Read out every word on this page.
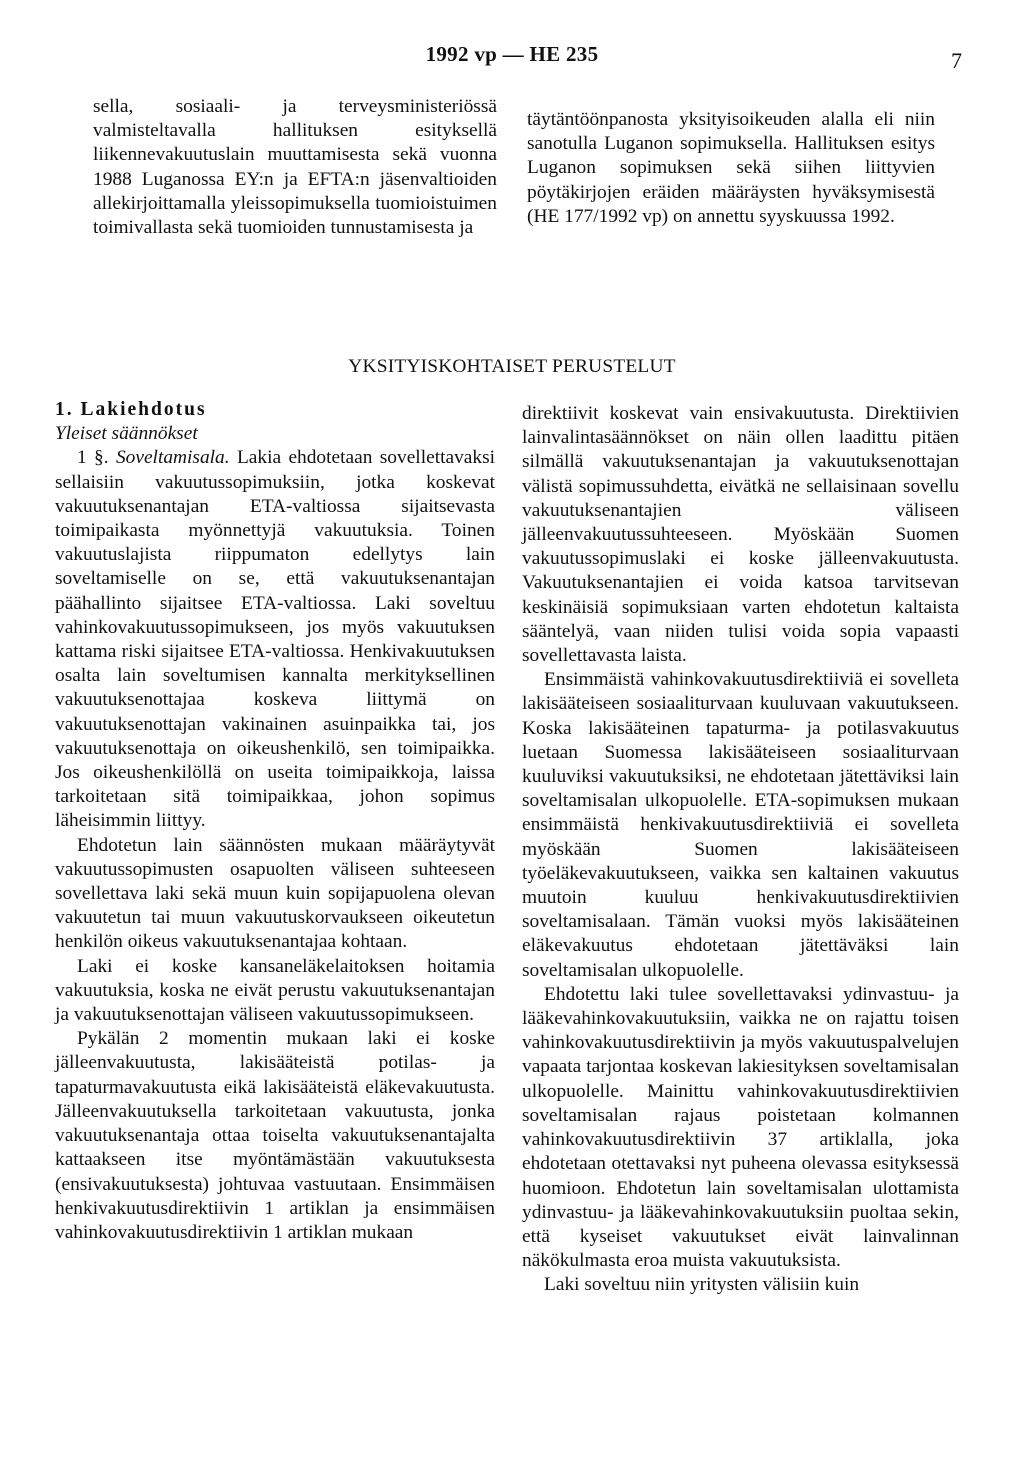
1992 vp — HE 235	7

sella, sosiaali- ja terveysministeriössä valmisteltavalla hallituksen esityksellä liikennevakuutuslain muuttamisesta sekä vuonna 1988 Luganossa EY:n ja EFTA:n jäsenvaltioiden allekirjoittamalla yleissopimuksella tuomioistuimen toimivallasta sekä tuomioiden tunnustamisesta ja

täytäntöönpanosta yksityisoikeuden alalla eli niin sanotulla Luganon sopimuksella. Hallituksen esitys Luganon sopimuksen sekä siihen liittyvien pöytäkirjojen eräiden määräysten hyväksymisestä (HE 177/1992 vp) on annettu syyskuussa 1992.

YKSITYISKOHTAISET PERUSTELUT

1. Lakiehdotus

Yleiset säännökset

1 §. Soveltamisala. Lakia ehdotetaan sovellettavaksi sellaisiin vakuutussopimuksiin, jotka koskevat vakuutuksenantajan ETA-valtiossa sijaitsevasta toimipaikasta myönnettyjä vakuutuksia. Toinen vakuutuslajista riippumaton edellytys lain soveltamiselle on se, että vakuutuksenantajan päähallinto sijaitsee ETA-valtiossa. Laki soveltuu vahinkovakuutussopimukseen, jos myös vakuutuksen kattama riski sijaitsee ETA-valtiossa. Henkivakuutuksen osalta lain soveltumisen kannalta merkityksellinen vakuutuksenottajaa koskeva liittymä on vakuutuksenottajan vakinainen asuinpaikka tai, jos vakuutuksenottaja on oikeushenkilö, sen toimipaikka. Jos oikeushenkilöllä on useita toimipaikkoja, laissa tarkoitetaan sitä toimipaikkaa, johon sopimus läheisimmin liittyy.

Ehdotetun lain säännösten mukaan määräytyvät vakuutussopimusten osapuolten väliseen suhteeseen sovellettava laki sekä muun kuin sopijapuolena olevan vakuutetun tai muun vakuutuskorvaukseen oikeutetun henkilön oikeus vakuutuksenantajaa kohtaan.

Laki ei koske kansaneläkelaitoksen hoitamia vakuutuksia, koska ne eivät perustu vakuutuksenantajan ja vakuutuksenottajan väliseen vakuutussopimukseen.

Pykälän 2 momentin mukaan laki ei koske jälleenvakuutusta, lakisääteistä potilas- ja tapaturmavakuutusta eikä lakisääteistä eläkevakuutusta. Jälleenvakuutuksella tarkoitetaan vakuutusta, jonka vakuutuksenantaja ottaa toiselta vakuutuksenantajalta kattaakseen itse myöntämästään vakuutuksesta (ensivakuutuksesta) johtuvaa vastuutaan. Ensimmäisen henkivakuutusdirektiivin 1 artiklan ja ensimmäisen vahinkovakuutusdirektiivin 1 artiklan mukaan

direktiivit koskevat vain ensivakuutusta. Direktiivien lainvalintasäännökset on näin ollen laadittu pitäen silmällä vakuutuksenantajan ja vakuutuksenottajan välistä sopimussuhdetta, eivätkä ne sellaisinaan sovellu vakuutuksenantajien väliseen jälleenvakuutussuhteeseen. Myöskään Suomen vakuutussopimuslaki ei koske jälleenvakuutusta. Vakuutuksenantajien ei voida katsoa tarvitsevan keskinäisiä sopimuksiaan varten ehdotetun kaltaista sääntelyä, vaan niiden tulisi voida sopia vapaasti sovellettavasta laista.

Ensimmäistä vahinkovakuutusdirektiiviä ei sovelleta lakisääteiseen sosiaaliturvaan kuuluvaan vakuutukseen. Koska lakisääteinen tapaturma- ja potilasvakuutus luetaan Suomessa lakisääteiseen sosiaaliturvaan kuuluviksi vakuutuksiksi, ne ehdotetaan jätettäviksi lain soveltamisalan ulkopuolelle. ETA-sopimuksen mukaan ensimmäistä henkivakuutusdirektiiviä ei sovelleta myöskään Suomen lakisääteiseen työeläkevakuutukseen, vaikka sen kaltainen vakuutus muutoin kuuluu henkivakuutusdirektiivien soveltamisalaan. Tämän vuoksi myös lakisääteinen eläkevakuutus ehdotetaan jätettäväksi lain soveltamisalan ulkopuolelle.

Ehdotettu laki tulee sovellettavaksi ydinvastuu- ja lääkevahinkovakuutuksiin, vaikka ne on rajattu toisen vahinkovakuutusdirektiivin ja myös vakuutuspalvelujen vapaata tarjontaa koskevan lakiesityksen soveltamisalan ulkopuolelle. Mainittu vahinkovakuutusdirektiivien soveltamisalan rajaus poistetaan kolmannen vahinkovakuutusdirektiivin 37 artiklalla, joka ehdotetaan otettavaksi nyt puheena olevassa esityksessä huomioon. Ehdotetun lain soveltamisalan ulottamista ydinvastuu- ja lääkevahinkovakuutuksiin puoltaa sekin, että kyseiset vakuutukset eivät lainvalinnan näkökulmasta eroa muista vakuutuksista.

Laki soveltuu niin yritysten välisiin kuin
